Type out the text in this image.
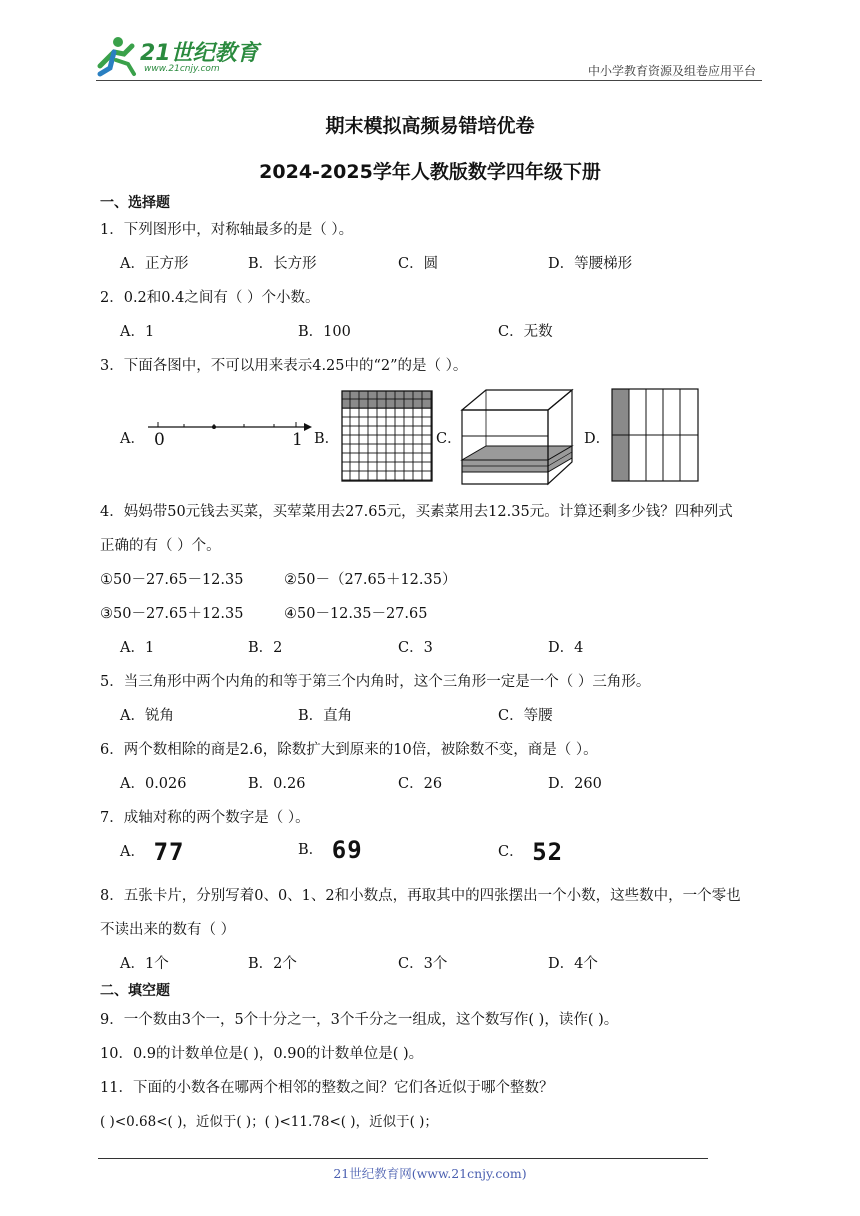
21世纪教育
www.21cnjy.com	中小学教育资源及组卷应用平台
期末模拟高频易错培优卷
2024-2025学年人教版数学四年级下册
一、选择题
1．下列图形中，对称轴最多的是（ ）。
A．正方形	B．长方形	C．圆	D．等腰梯形
2．0.2和0.4之间有（ ）个小数。
A．1	B．100	C．无数
3．下面各图中，不可以用来表示4.25中的“2”的是（ ）。
A． 0	1 B．	C．	D．
4．妈妈带50元钱去买菜，买荤菜用去27.65元，买素菜用去12.35元。计算还剩多少钱？四种列式
正确的有（ ）个。
①50－27.65－12.35	②50－（27.65＋12.35）
③50－27.65＋12.35	④50－12.35－27.65
A．1	B．2	C．3	D．4
5．当三角形中两个内角的和等于第三个内角时，这个三角形一定是一个（ ）三角形。
A．锐角	B．直角	C．等腰
6．两个数相除的商是2.6，除数扩大到原来的10倍，被除数不变，商是（ ）。
A．0.026	B．0.26	C．26	D．260
7．成轴对称的两个数字是（ ）。
A． 77	B． 69	C． 52
8．五张卡片，分别写着0、0、1、2和小数点，再取其中的四张摆出一个小数，这些数中，一个零也
不读出来的数有（ ）
A．1个	B．2个	C．3个	D．4个
二、填空题
9．一个数由3个一，5个十分之一，3个千分之一组成，这个数写作( )，读作( )。
10．0.9的计数单位是( )，0.90的计数单位是( )。
11．下面的小数各在哪两个相邻的整数之间？它们各近似于哪个整数？
( )<0.68<( )，近似于( )；( )<11.78<( )，近似于( )；
21世纪教育网(www.21cnjy.com)
